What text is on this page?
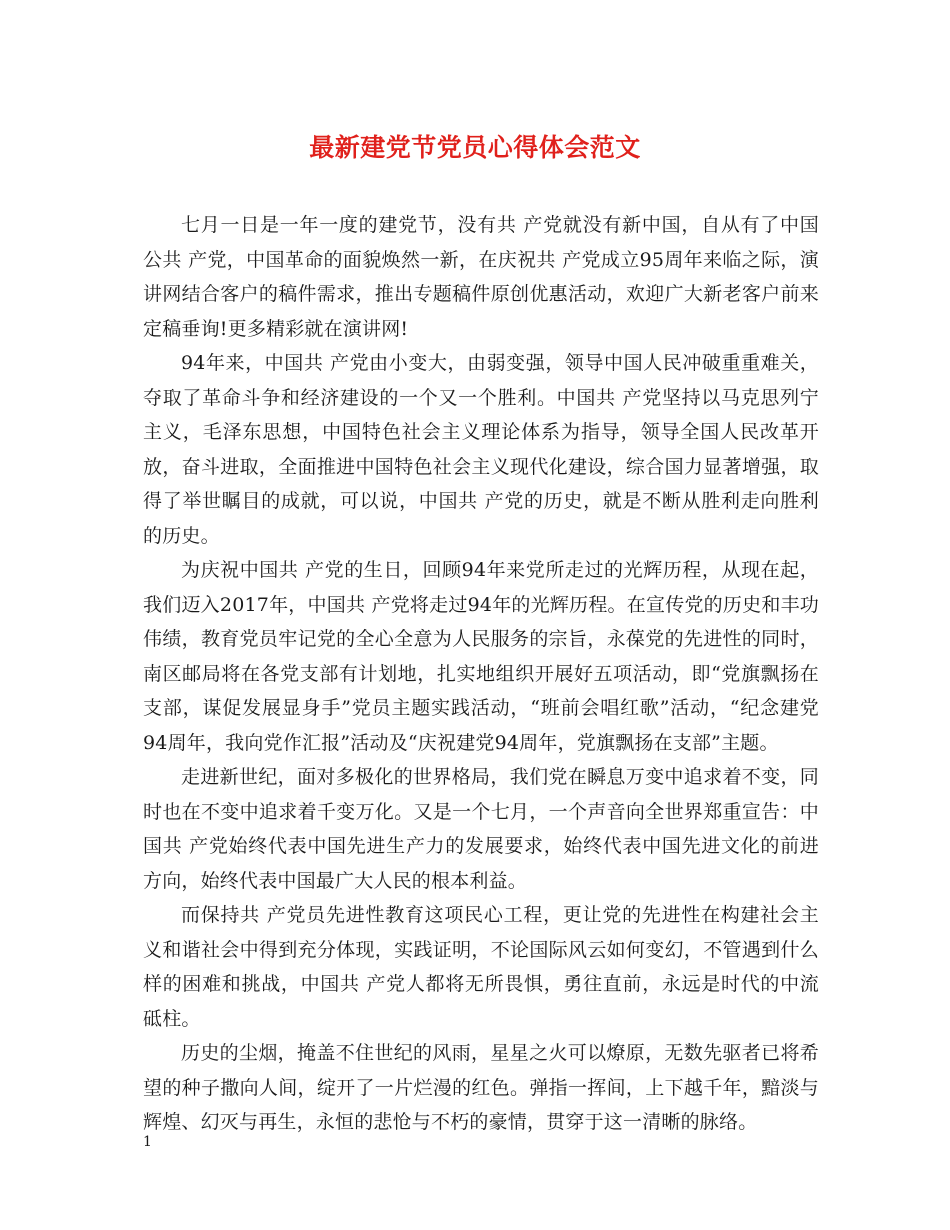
最新建党节党员心得体会范文

七月一日是一年一度的建党节，没有共 产党就没有新中国，自从有了中国公共 产党，中国革命的面貌焕然一新，在庆祝共 产党成立95周年来临之际，演讲网结合客户的稿件需求，推出专题稿件原创优惠活动，欢迎广大新老客户前来定稿垂询!更多精彩就在演讲网!

94年来，中国共 产党由小变大，由弱变强，领导中国人民冲破重重难关，夺取了革命斗争和经济建设的一个又一个胜利。中国共 产党坚持以马克思列宁主义，毛泽东思想，中国特色社会主义理论体系为指导，领导全国人民改革开放，奋斗进取，全面推进中国特色社会主义现代化建设，综合国力显著增强，取得了举世瞩目的成就，可以说，中国共 产党的历史，就是不断从胜利走向胜利的历史。

为庆祝中国共 产党的生日，回顾94年来党所走过的光辉历程，从现在起，我们迈入2017年，中国共 产党将走过94年的光辉历程。在宣传党的历史和丰功伟绩，教育党员牢记党的全心全意为人民服务的宗旨，永葆党的先进性的同时，南区邮局将在各党支部有计划地，扎实地组织开展好五项活动，即“党旗飘扬在支部，谋促发展显身手”党员主题实践活动，“班前会唱红歌”活动，“纪念建党94周年，我向党作汇报”活动及“庆祝建党94周年，党旗飘扬在支部”主题。

走进新世纪，面对多极化的世界格局，我们党在瞬息万变中追求着不变，同时也在不变中追求着千变万化。又是一个七月，一个声音向全世界郑重宣告：中国共 产党始终代表中国先进生产力的发展要求，始终代表中国先进文化的前进方向，始终代表中国最广大人民的根本利益。

而保持共 产党员先进性教育这项民心工程，更让党的先进性在构建社会主义和谐社会中得到充分体现，实践证明，不论国际风云如何变幻，不管遇到什么样的困难和挑战，中国共 产党人都将无所畏惧，勇往直前，永远是时代的中流砥柱。

历史的尘烟，掩盖不住世纪的风雨，星星之火可以燎原，无数先驱者已将希望的种子撒向人间，绽开了一片烂漫的红色。弹指一挥间，上下越千年，黯淡与辉煌、幻灭与再生，永恒的悲怆与不朽的豪情，贯穿于这一清晰的脉络。

1
